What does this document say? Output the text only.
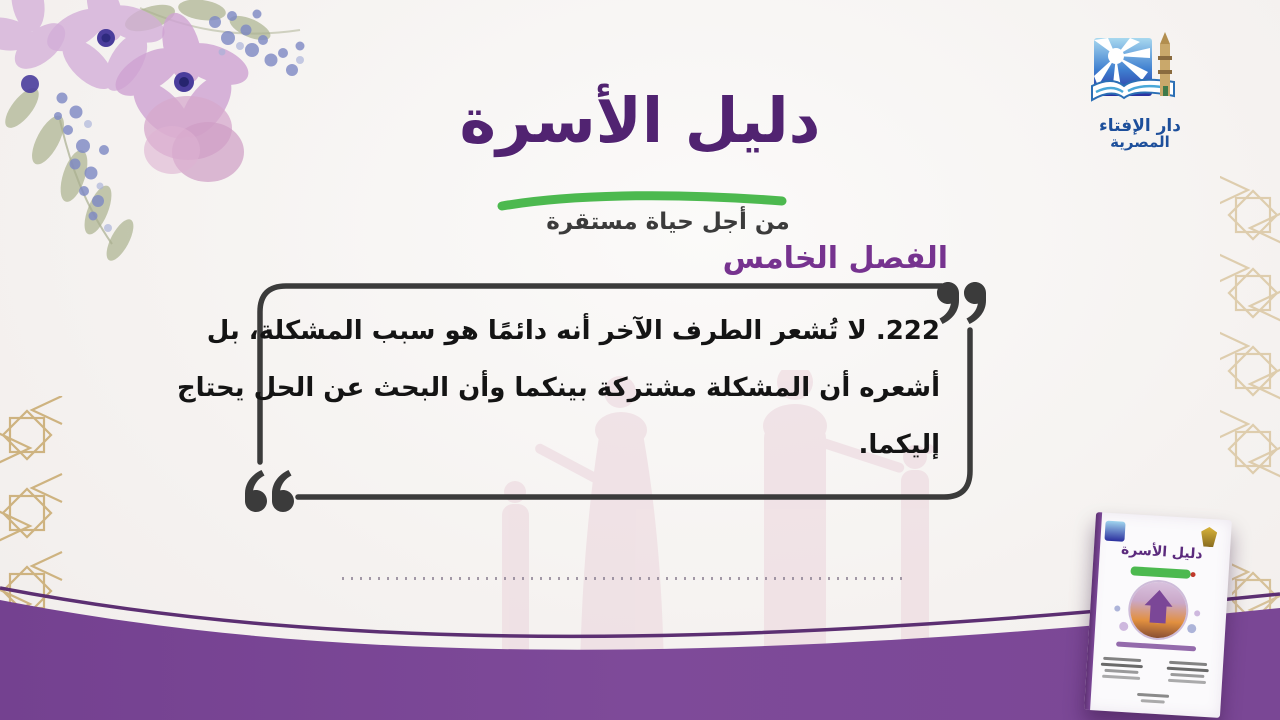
دار الإفتاء
المصرية
دليل الأسرة
من أجل حياة مستقرة
الفصل الخامس
222. لا تُشعر الطرف الآخر أنه دائمًا هو سبب المشكلة، بل
أشعره أن المشكلة مشتركة بينكما وأن البحث عن الحل يحتاج
إليكما.
دليل الأسرة
